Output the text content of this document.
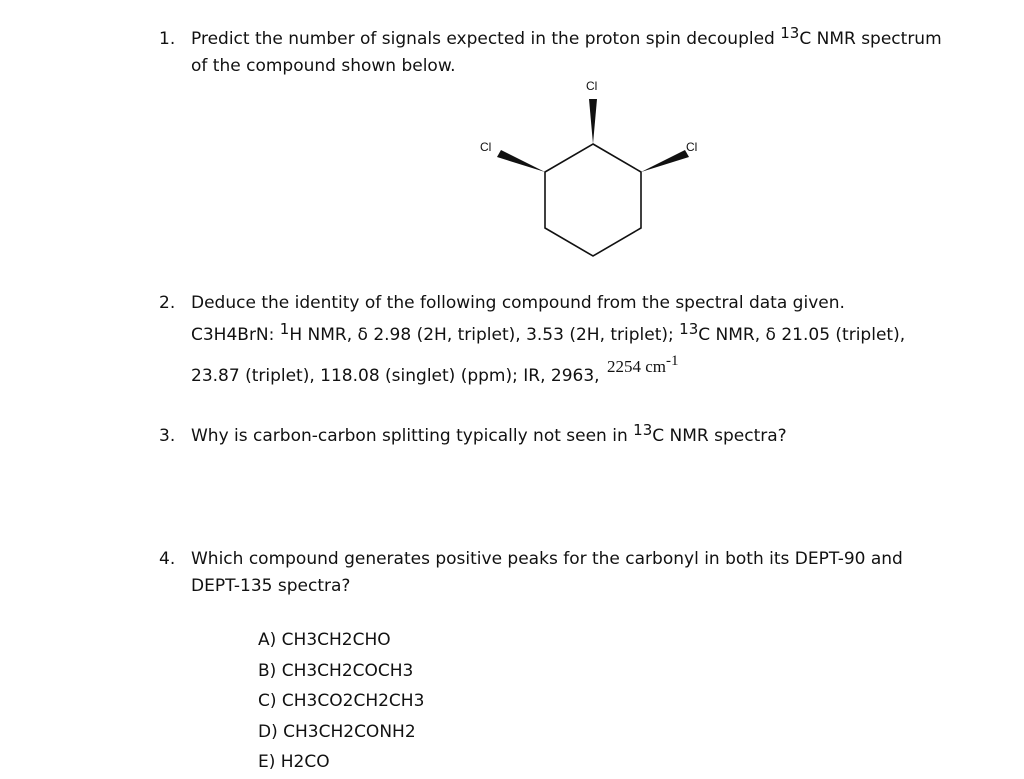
1. Predict the number of signals expected in the proton spin decoupled 13C NMR spectrum
of the compound shown below.
Cl
Cl	Cl
2. Deduce the identity of the following compound from the spectral data given.
C3H4BrN: 1H NMR, δ 2.98 (2H, triplet), 3.53 (2H, triplet); 13C NMR, δ 21.05 (triplet),
23.87 (triplet), 118.08 (singlet) (ppm); IR, 2963, 2254 cm-1
3. Why is carbon-carbon splitting typically not seen in 13C NMR spectra?
4. Which compound generates positive peaks for the carbonyl in both its DEPT-90 and
DEPT-135 spectra?
A) CH3CH2CHO
B) CH3CH2COCH3
C) CH3CO2CH2CH3
D) CH3CH2CONH2
E) H2CO
